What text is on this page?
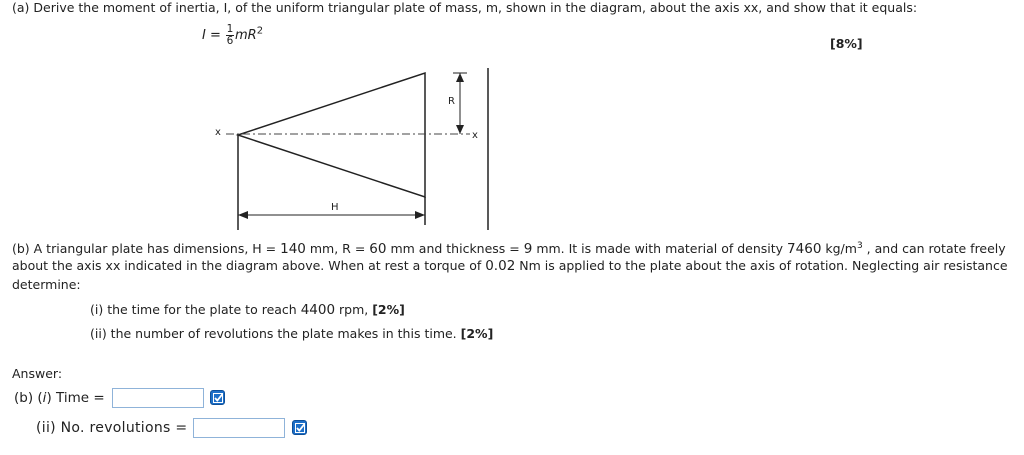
(a) Derive the moment of inertia, I, of the uniform triangular plate of mass, m, shown in the diagram, about the axis xx, and show that it equals:
$I = \frac{1}{6} mR^2$
[8%]
x	x
R
H
(b) A triangular plate has dimensions, H = 140 mm, R = 60 mm and thickness = 9 mm. It is made with material of density 7460 $kg/m^3$ , and can rotate freely
about the axis xx indicated in the diagram above. When at rest a torque of 0.02 Nm is applied to the plate about the axis of rotation. Neglecting air resistance
determine:
(i) the time for the plate to reach 4400 rpm, [2%]
(ii) the number of revolutions the plate makes in this time. [2%]
Answer:
(b) (i) Time =
(ii) No. revolutions =
